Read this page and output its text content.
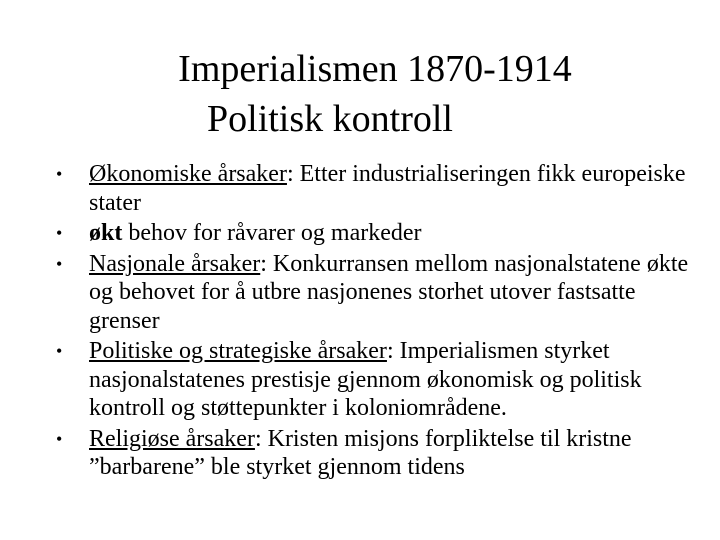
Imperialismen 1870-1914
Politisk kontroll
• Økonomiske årsaker: Etter industrialiseringen fikk europeiske stater
• økt behov for råvarer og markeder
• Nasjonale årsaker: Konkurransen mellom nasjonalstatene økte og behovet for å utbre nasjonenes storhet utover fastsatte grenser
• Politiske og strategiske årsaker: Imperialismen styrket nasjonalstatenes prestisje gjennom økonomisk og politisk kontroll og støttepunkter i koloniområdene.
• Religiøse årsaker: Kristen misjons forpliktelse til kristne ”barbarene” ble styrket gjennom tidens
